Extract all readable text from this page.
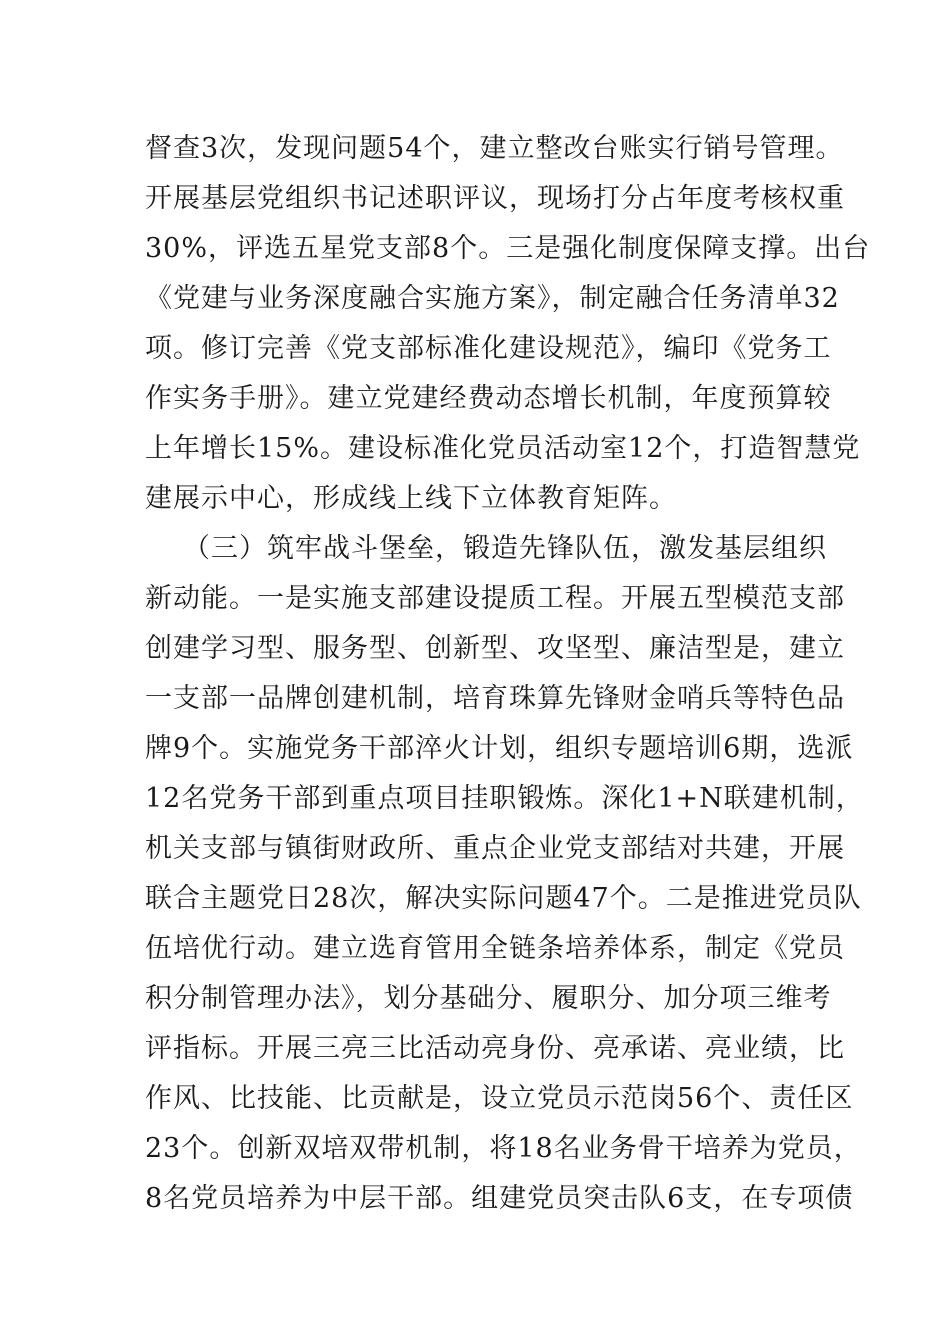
督查3次，发现问题54个，建立整改台账实行销号管理。
开展基层党组织书记述职评议，现场打分占年度考核权重
30%，评选五星党支部8个。三是强化制度保障支撑。出台
《党建与业务深度融合实施方案》，制定融合任务清单32
项。修订完善《党支部标准化建设规范》，编印《党务工
作实务手册》。建立党建经费动态增长机制，年度预算较
上年增长15%。建设标准化党员活动室12个，打造智慧党
建展示中心，形成线上线下立体教育矩阵。
（三）筑牢战斗堡垒，锻造先锋队伍，激发基层组织
新动能。一是实施支部建设提质工程。开展五型模范支部
创建学习型、服务型、创新型、攻坚型、廉洁型是，建立
一支部一品牌创建机制，培育珠算先锋财金哨兵等特色品
牌9个。实施党务干部淬火计划，组织专题培训6期，选派
12名党务干部到重点项目挂职锻炼。深化1+N联建机制，
机关支部与镇街财政所、重点企业党支部结对共建，开展
联合主题党日28次，解决实际问题47个。二是推进党员队
伍培优行动。建立选育管用全链条培养体系，制定《党员
积分制管理办法》，划分基础分、履职分、加分项三维考
评指标。开展三亮三比活动亮身份、亮承诺、亮业绩，比
作风、比技能、比贡献是，设立党员示范岗56个、责任区
23个。创新双培双带机制，将18名业务骨干培养为党员，
8名党员培养为中层干部。组建党员突击队6支，在专项债
